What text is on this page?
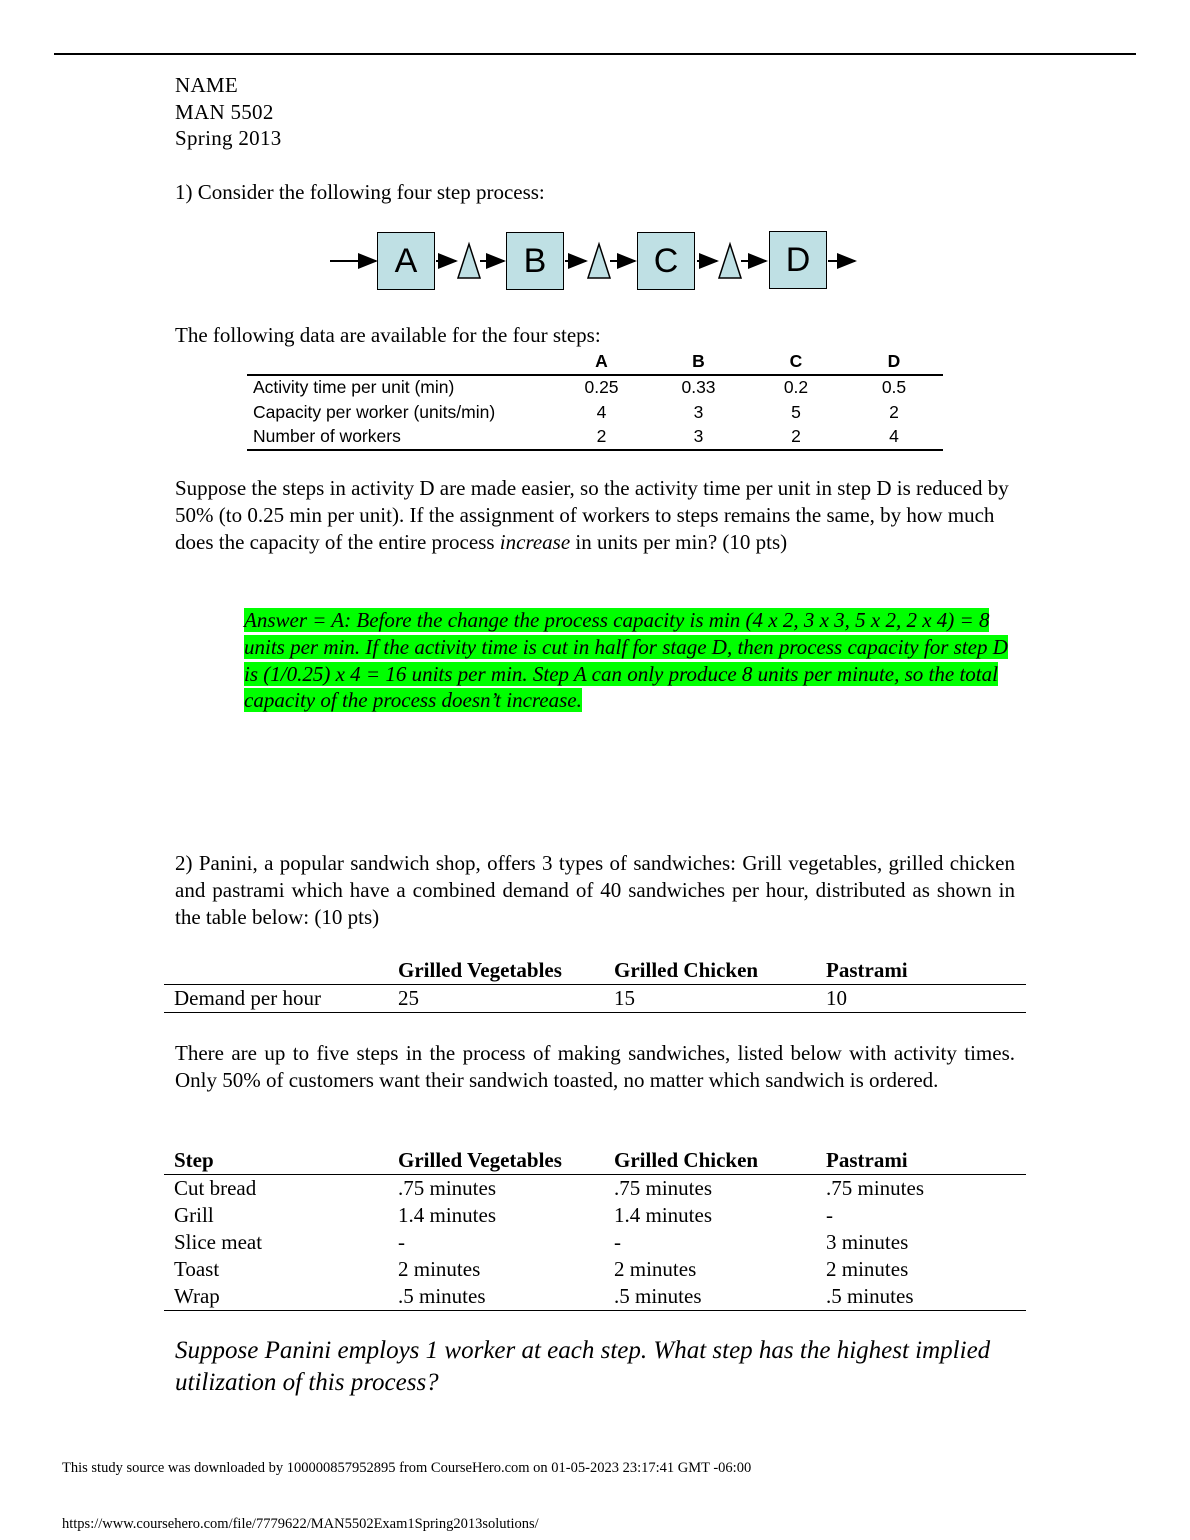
NAME
MAN 5502
Spring 2013
1) Consider the following four step process:
A	B	C	D
The following data are available for the four steps:
	A	B	C	D
Activity time per unit (min)	0.25	0.33	0.2	0.5
Capacity per worker (units/min)	4	3	5	2
Number of workers	2	3	2	4
Suppose the steps in activity D are made easier, so the activity time per unit in step D is reduced by 50% (to 0.25 min per unit). If the assignment of workers to steps remains the same, by how much does the capacity of the entire process increase in units per min? (10 pts)
Answer = A: Before the change the process capacity is min (4 x 2, 3 x 3, 5 x 2, 2 x 4) = 8 units per min. If the activity time is cut in half for stage D, then process capacity for step D is (1/0.25) x 4 = 16 units per min. Step A can only produce 8 units per minute, so the total capacity of the process doesn’t increase.
2) Panini, a popular sandwich shop, offers 3 types of sandwiches: Grill vegetables, grilled chicken and pastrami which have a combined demand of 40 sandwiches per hour, distributed as shown in the table below: (10 pts)
	Grilled Vegetables	Grilled Chicken	Pastrami
Demand per hour	25	15	10
There are up to five steps in the process of making sandwiches, listed below with activity times. Only 50% of customers want their sandwich toasted, no matter which sandwich is ordered.
Step	Grilled Vegetables	Grilled Chicken	Pastrami
Cut bread	.75 minutes	.75 minutes	.75 minutes
Grill	1.4 minutes	1.4 minutes	-
Slice meat	-	-	3 minutes
Toast	2 minutes	2 minutes	2 minutes
Wrap	.5 minutes	.5 minutes	.5 minutes
Suppose Panini employs 1 worker at each step. What step has the highest implied utilization of this process?
This study source was downloaded by 100000857952895 from CourseHero.com on 01-05-2023 23:17:41 GMT -06:00
https://www.coursehero.com/file/7779622/MAN5502Exam1Spring2013solutions/
